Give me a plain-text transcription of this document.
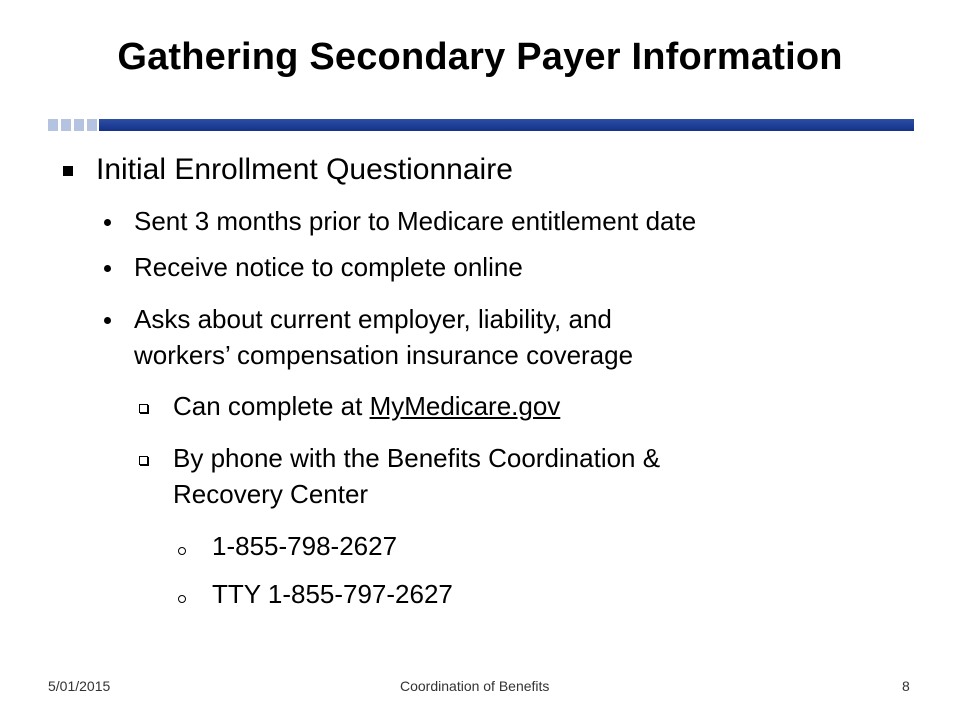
Gathering Secondary Payer Information
Initial Enrollment Questionnaire
Sent 3 months prior to Medicare entitlement date
Receive notice to complete online
Asks about current employer, liability, and
workers’ compensation insurance coverage
Can complete at MyMedicare.gov
By phone with the Benefits Coordination &
Recovery Center
1-855-798-2627
TTY 1-855-797-2627
5/01/2015	Coordination of Benefits	8
